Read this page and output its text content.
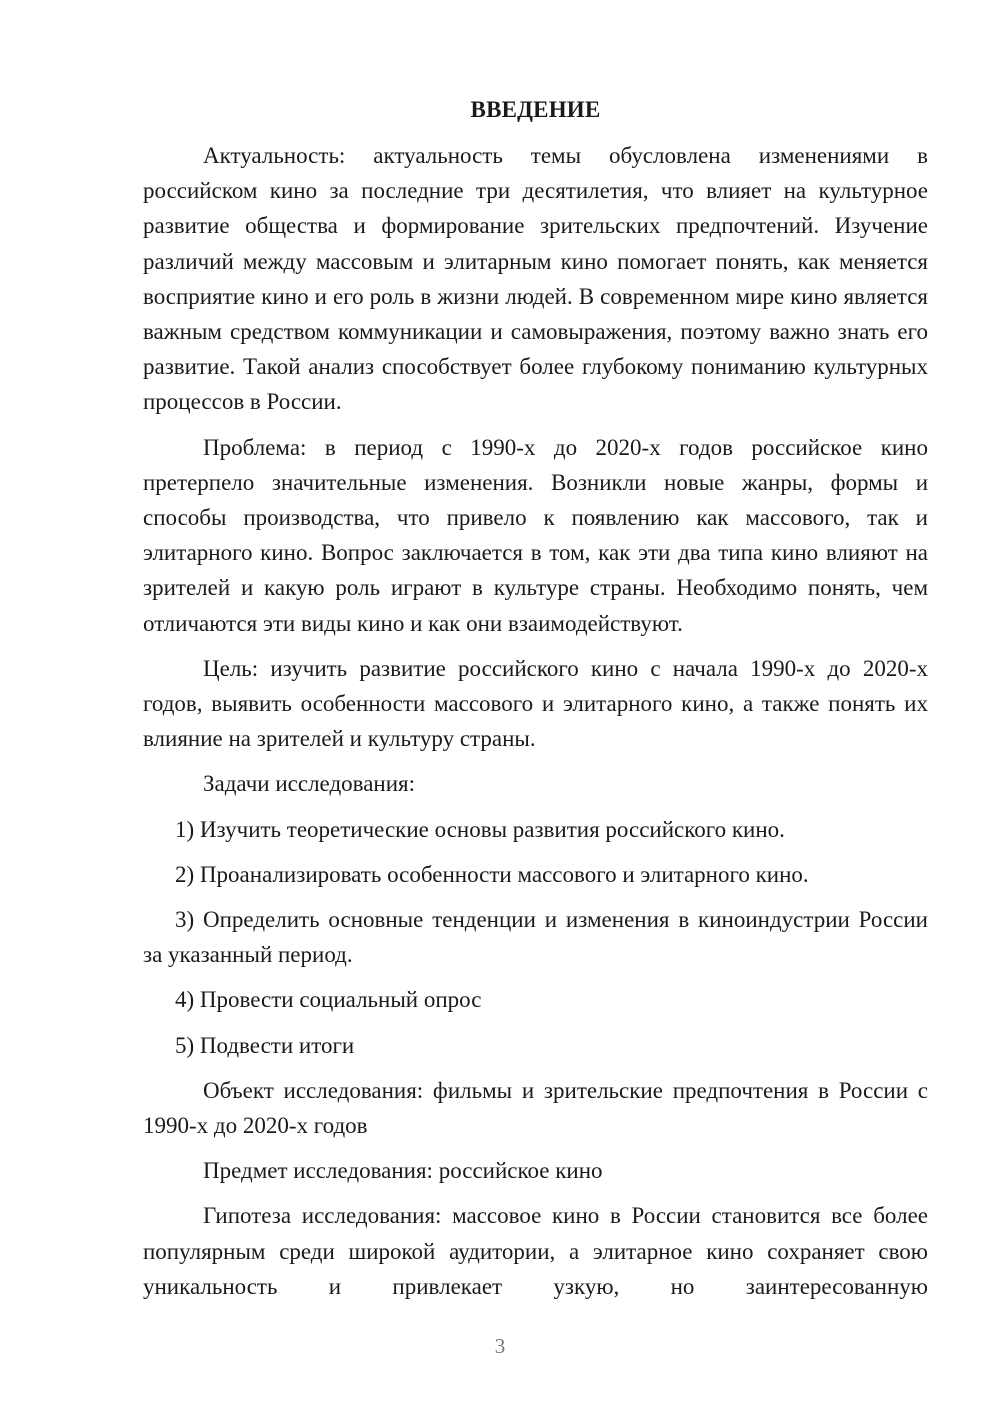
ВВЕДЕНИЕ

Актуальность: актуальность темы обусловлена изменениями в российском кино за последние три десятилетия, что влияет на культурное развитие общества и формирование зрительских предпочтений. Изучение различий между массовым и элитарным кино помогает понять, как меняется восприятие кино и его роль в жизни людей. В современном мире кино является важным средством коммуникации и самовыражения, поэтому важно знать его развитие. Такой анализ способствует более глубокому пониманию культурных процессов в России.

Проблема: в период с 1990-х до 2020-х годов российское кино претерпело значительные изменения. Возникли новые жанры, формы и способы производства, что привело к появлению как массового, так и элитарного кино. Вопрос заключается в том, как эти два типа кино влияют на зрителей и какую роль играют в культуре страны. Необходимо понять, чем отличаются эти виды кино и как они взаимодействуют.

Цель: изучить развитие российского кино с начала 1990-х до 2020-х годов, выявить особенности массового и элитарного кино, а также понять их влияние на зрителей и культуру страны.

Задачи исследования:

1) Изучить теоретические основы развития российского кино.

2) Проанализировать особенности массового и элитарного кино.

3) Определить основные тенденции и изменения в киноиндустрии России за указанный период.

4) Провести социальный опрос

5) Подвести итоги

Объект исследования: фильмы и зрительские предпочтения в России с 1990-х до 2020-х годов

Предмет исследования: российское кино

Гипотеза исследования: массовое кино в России становится все более популярным среди широкой аудитории, а элитарное кино сохраняет свою уникальность и привлекает узкую, но заинтересованную

3
